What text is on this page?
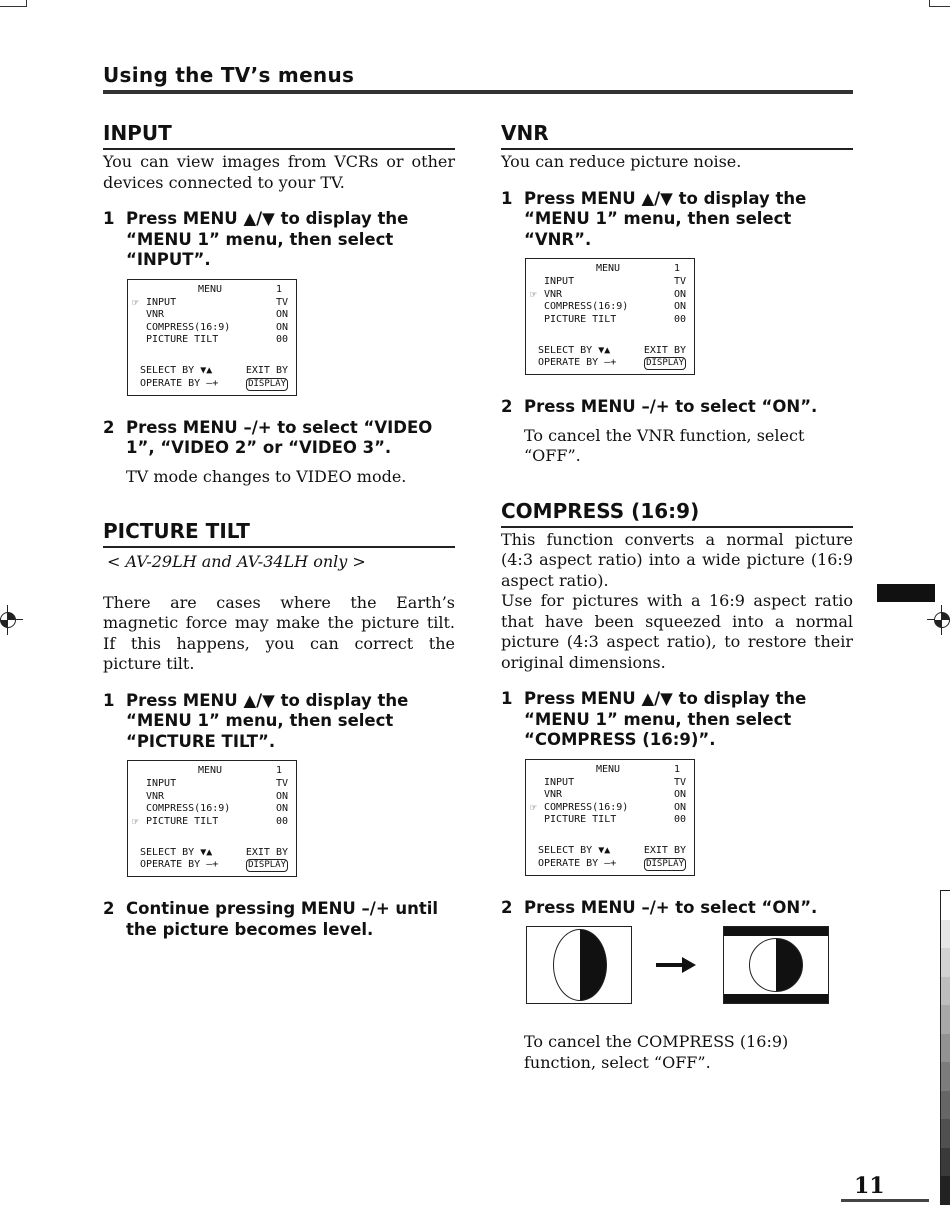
Using the TV’s menus
INPUT

You can view images from VCRs or other devices connected to your TV.

1 Press MENU ▲/▼ to display the “MENU 1” menu, then select “INPUT”.
MENU	1
☞ INPUT	TV
VNR	ON
COMPRESS(16:9)	ON
PICTURE TILT	00
SELECT BY ▼▲	EXIT BY
OPERATE BY –+	DISPLAY
2 Press MENU –/+ to select “VIDEO 1”, “VIDEO 2” or “VIDEO 3”.

TV mode changes to VIDEO mode.

PICTURE TILT

< AV-29LH and AV-34LH only >

There are cases where the Earth’s magnetic force may make the picture tilt. If this happens, you can correct the picture tilt.

1 Press MENU ▲/▼ to display the “MENU 1” menu, then select “PICTURE TILT”.
MENU	1
INPUT	TV
VNR	ON
COMPRESS(16:9)	ON
☞ PICTURE TILT	00
SELECT BY ▼▲	EXIT BY
OPERATE BY –+	DISPLAY
2 Continue pressing MENU –/+ until the picture becomes level.
VNR

You can reduce picture noise.

1 Press MENU ▲/▼ to display the “MENU 1” menu, then select “VNR”.
MENU	1
INPUT	TV
☞ VNR	ON
COMPRESS(16:9)	ON
PICTURE TILT	00
SELECT BY ▼▲	EXIT BY
OPERATE BY –+	DISPLAY
2 Press MENU –/+ to select “ON”.

To cancel the VNR function, select “OFF”.

COMPRESS (16:9)

This function converts a normal picture (4:3 aspect ratio) into a wide picture (16:9 aspect ratio).

Use for pictures with a 16:9 aspect ratio that have been squeezed into a normal picture (4:3 aspect ratio), to restore their original dimensions.

1 Press MENU ▲/▼ to display the “MENU 1” menu, then select “COMPRESS (16:9)”.
MENU	1
INPUT	TV
VNR	ON
☞ COMPRESS(16:9)	ON
PICTURE TILT	00
SELECT BY ▼▲	EXIT BY
OPERATE BY –+	DISPLAY
2 Press MENU –/+ to select “ON”.

To cancel the COMPRESS (16:9) function, select “OFF”.

11
